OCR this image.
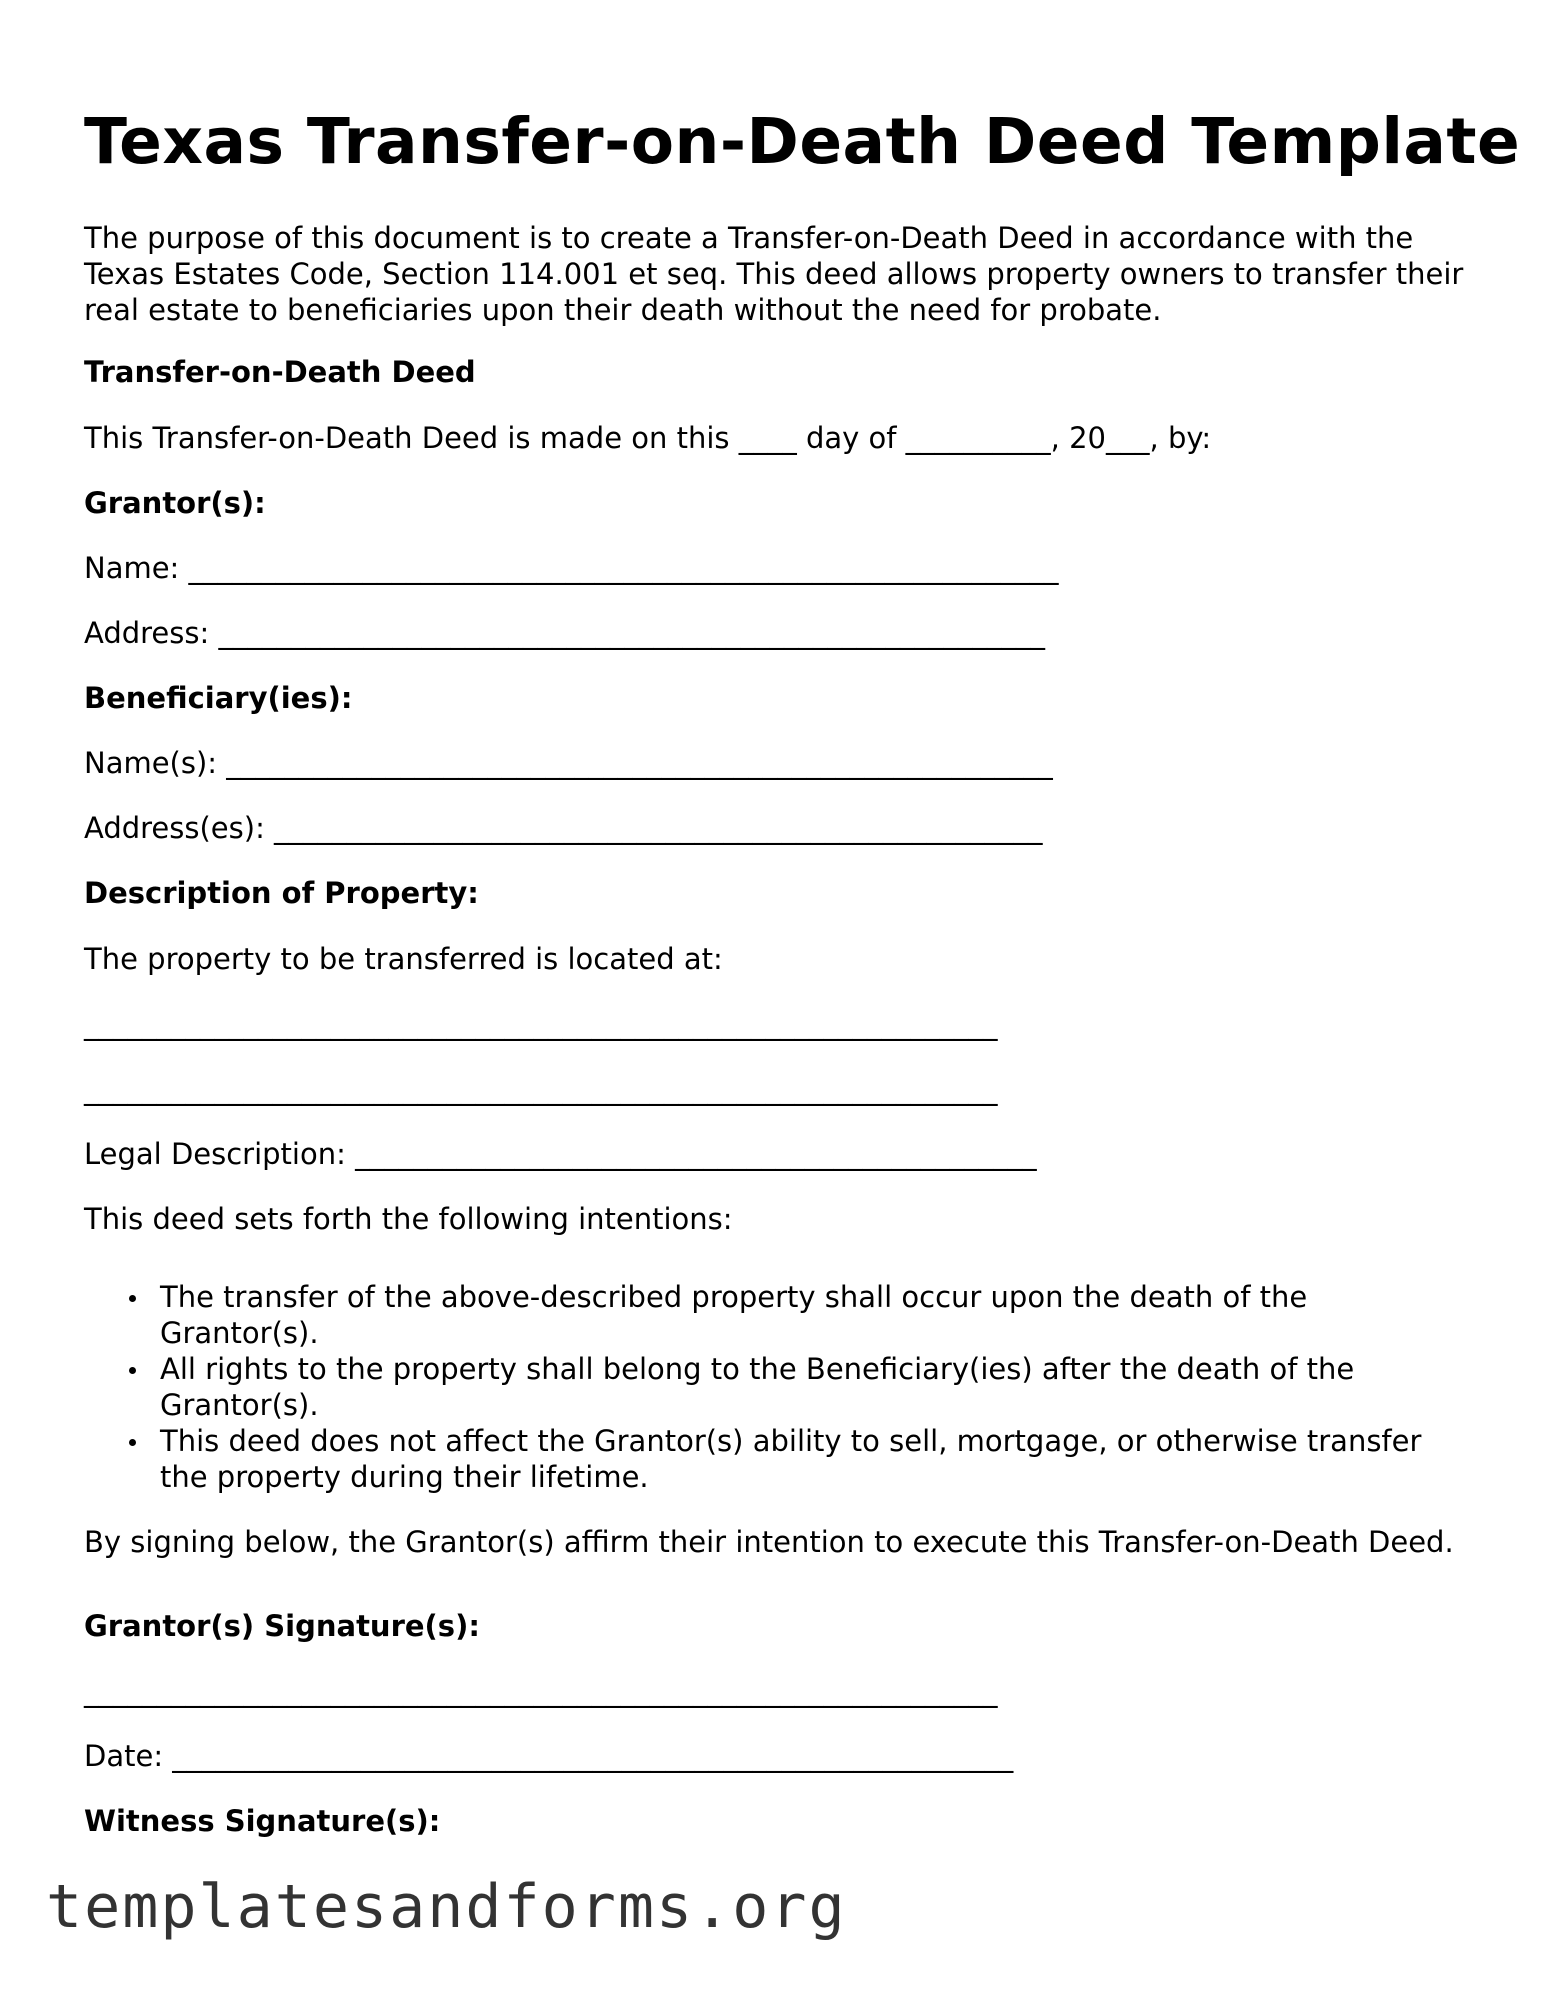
Texas Transfer-on-Death Deed Template

The purpose of this document is to create a Transfer-on-Death Deed in accordance with the Texas Estates Code, Section 114.001 et seq. This deed allows property owners to transfer their real estate to beneficiaries upon their death without the need for probate.

Transfer-on-Death Deed

This Transfer-on-Death Deed is made on this ____ day of __________, 20___, by:

Grantor(s):

Name: ____________________________________________________________

Address: _________________________________________________________

Beneficiary(ies):

Name(s): _________________________________________________________

Address(es): _____________________________________________________

Description of Property:

The property to be transferred is located at:

_______________________________________________________________

_______________________________________________________________

Legal Description: _______________________________________________

This deed sets forth the following intentions:

The transfer of the above-described property shall occur upon the death of the Grantor(s).
All rights to the property shall belong to the Beneficiary(ies) after the death of the Grantor(s).
This deed does not affect the Grantor(s) ability to sell, mortgage, or otherwise transfer the property during their lifetime.

By signing below, the Grantor(s) affirm their intention to execute this Transfer-on-Death Deed.

Grantor(s) Signature(s):

_______________________________________________________________

Date: __________________________________________________________

Witness Signature(s):

templatesandforms.org
